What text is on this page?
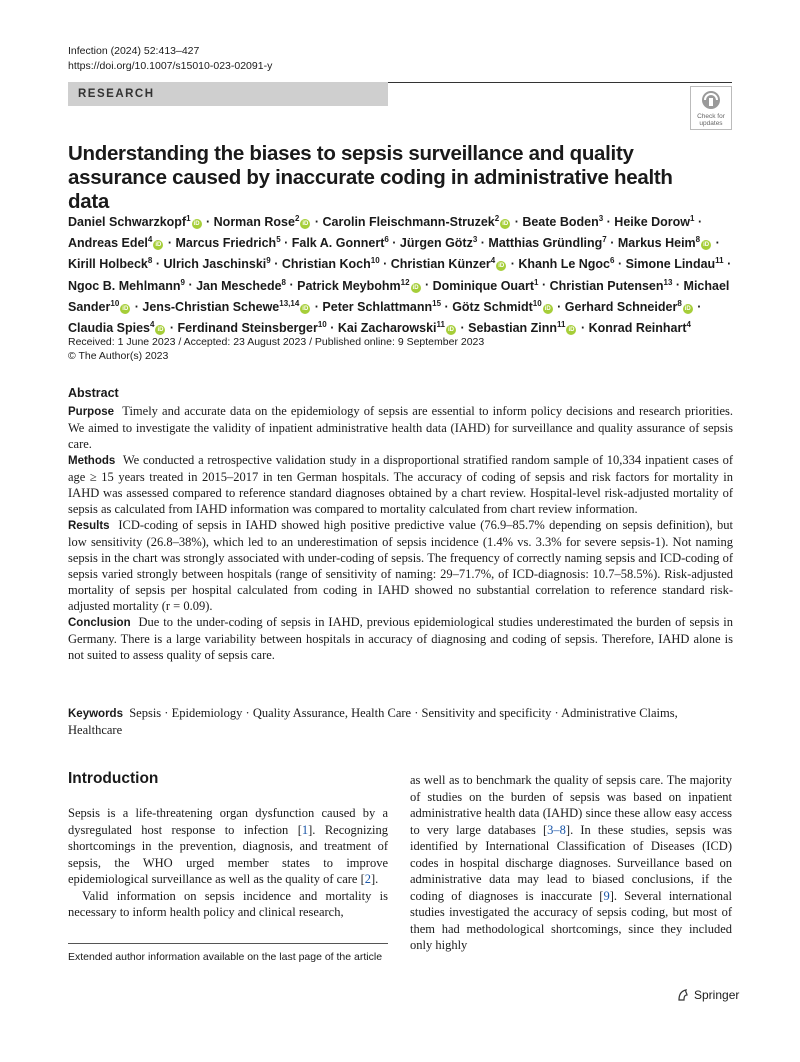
Infection (2024) 52:413–427
https://doi.org/10.1007/s15010-023-02091-y
RESEARCH
Check for
updates
Understanding the biases to sepsis surveillance and quality assurance caused by inaccurate coding in administrative health data
Daniel Schwarzkopf$^1$iD · Norman Rose$^2$iD · Carolin Fleischmann-Struzek$^2$iD · Beate Boden$^3$ · Heike Dorow$^1$ · Andreas Edel$^4$iD · Marcus Friedrich$^5$ · Falk A. Gonnert$^6$ · Jürgen Götz$^3$ · Matthias Gründling$^7$ · Markus Heim$^8$iD · Kirill Holbeck$^8$ · Ulrich Jaschinski$^9$ · Christian Koch$^{10}$ · Christian Künzer$^4$iD · Khanh Le Ngoc$^6$ · Simone Lindau$^{11}$ · Ngoc B. Mehlmann$^9$ · Jan Meschede$^8$ · Patrick Meybohm$^{12}$iD · Dominique Ouart$^1$ · Christian Putensen$^{13}$ · Michael Sander$^{10}$iD · Jens-Christian Schewe$^{13,14}$iD · Peter Schlattmann$^{15}$ · Götz Schmidt$^{10}$iD · Gerhard Schneider$^8$iD · Claudia Spies$^4$iD · Ferdinand Steinsberger$^{10}$ · Kai Zacharowski$^{11}$iD · Sebastian Zinn$^{11}$iD · Konrad Reinhart$^4$
Received: 1 June 2023 / Accepted: 23 August 2023 / Published online: 9 September 2023
© The Author(s) 2023
Abstract

Purpose Timely and accurate data on the epidemiology of sepsis are essential to inform policy decisions and research priorities. We aimed to investigate the validity of inpatient administrative health data (IAHD) for surveillance and quality assurance of sepsis care.

Methods We conducted a retrospective validation study in a disproportional stratified random sample of 10,334 inpatient cases of age ≥ 15 years treated in 2015–2017 in ten German hospitals. The accuracy of coding of sepsis and risk factors for mortality in IAHD was assessed compared to reference standard diagnoses obtained by a chart review. Hospital-level risk-adjusted mortality of sepsis as calculated from IAHD information was compared to mortality calculated from chart review information.

Results ICD-coding of sepsis in IAHD showed high positive predictive value (76.9–85.7% depending on sepsis definition), but low sensitivity (26.8–38%), which led to an underestimation of sepsis incidence (1.4% vs. 3.3% for severe sepsis-1). Not naming sepsis in the chart was strongly associated with under-coding of sepsis. The frequency of correctly naming sepsis and ICD-coding of sepsis varied strongly between hospitals (range of sensitivity of naming: 29–71.7%, of ICD-diagnosis: 10.7–58.5%). Risk-adjusted mortality of sepsis per hospital calculated from coding in IAHD showed no substantial correlation to reference standard risk-adjusted mortality (r = 0.09).

Conclusion Due to the under-coding of sepsis in IAHD, previous epidemiological studies underestimated the burden of sepsis in Germany. There is a large variability between hospitals in accuracy of diagnosing and coding of sepsis. Therefore, IAHD alone is not suited to assess quality of sepsis care.

Keywords Sepsis · Epidemiology · Quality Assurance, Health Care · Sensitivity and specificity · Administrative Claims, Healthcare
Introduction

Sepsis is a life-threatening organ dysfunction caused by a dysregulated host response to infection [1]. Recognizing shortcomings in the prevention, diagnosis, and treatment of sepsis, the WHO urged member states to improve epidemiological surveillance as well as the quality of care [2].

Valid information on sepsis incidence and mortality is necessary to inform health policy and clinical research,

as well as to benchmark the quality of sepsis care. The majority of studies on the burden of sepsis was based on inpatient administrative health data (IAHD) since these allow easy access to very large databases [3–8]. In these studies, sepsis was identified by International Classification of Diseases (ICD) codes in hospital discharge diagnoses. Surveillance based on administrative data may lead to biased conclusions, if the coding of diagnoses is inaccurate [9]. Several international studies investigated the accuracy of sepsis coding, but most of them had methodological shortcomings, since they included only highly

Extended author information available on the last page of the article
Springer
